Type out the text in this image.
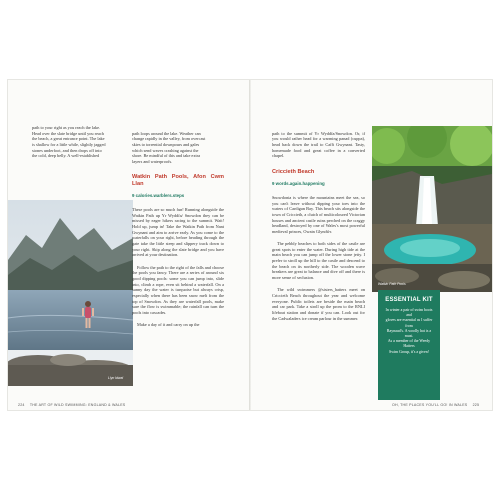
path to your right as you reach the lake.
Head over the slate bridge until you reach
the beach, a great entrance point. The lake
is shallow for a little while, slightly jagged
stones underfoot, and then drops off into
the cold, deep belly. A well-established
Llyn Idwal

path loops around the lake. Weather can
change rapidly in the valley, from overcast
skies to torrential downpours and gales
which send waves crashing against the
shore. Be mindful of this and take extra
layers and waterproofs.

Watkin Path Pools, Afon Cwm Llan

9 calories.warblers.steps

These pools are so much fun! Running alongside the Watkin Path up Yr Wyddfa/ Snowdon they can be missed by eager hikers racing to the summit. Wait! Hold up, jump in! Take the Watkin Path from Nant Gwynant and aim to arrive early. As you come to the waterfalls on your right, before heading through the gate take the little steep and slippery track down to your right. Skip along the slate bridge and you have arrived at your destination.

Follow the path to the right of the falls and choose the pools you fancy. There are a series of around six good dipping pools: some you can jump into, slide into, climb a rope, even sit behind a waterfall. On a sunny day the water is turquoise but always crisp, especially when there has been snow melt from the top of Snowdon. As they are waterfall pools, make sure the flow is swimmable; the rainfall can turn the pools into cascades.

Make a day of it and carry on up the

path to the summit of Yr Wyddfa/Snowdon. Or, if you would rather head for a warming panad (cuppa), head back down the trail to Caffi Gwynant. Tasty, homemade food and great coffee in a converted chapel.

Criccieth Beach

9 words.again.happening

Snowdonia is where the mountains meet the sea, so you can't leave without dipping your toes into the waters of Cardigan Bay. This beach sits alongside the town of Criccieth, a clutch of multicoloured Victorian houses and ancient castle ruins perched on the craggy headland, destroyed by one of Wales's most powerful medieval princes, Owain Glyndŵr.

The pebbly beaches to both sides of the castle are great spots to enter the water. During high tide at the main beach you can jump off the lower stone jetty. I prefer to stroll up the hill to the castle and descend to the beach on its northerly side. The wooden wave breakers are great to balance and dive off and there is more sense of seclusion.

The wild swimmers @sisters_hatters meet on Criccieth Beach throughout the year and welcome everyone. Public toilets are beside the main beach and car park. Take a stroll up the prom to the RNLI lifeboat station and donate if you can. Look out for the Cadwaladers ice cream parlour in the summer.

Watkin Path Pools
ESSENTIAL KIT
In winter a pair of swim boots and
gloves are essential as I suffer from
Raynaud's. A woolly hat is a must.
As a member of the Weedy Hatters
Swim Group, it's a given!
224 THE ART OF WILD SWIMMING: ENGLAND & WALES	OH, THE PLACES YOU'LL GO! IN WALES 225
